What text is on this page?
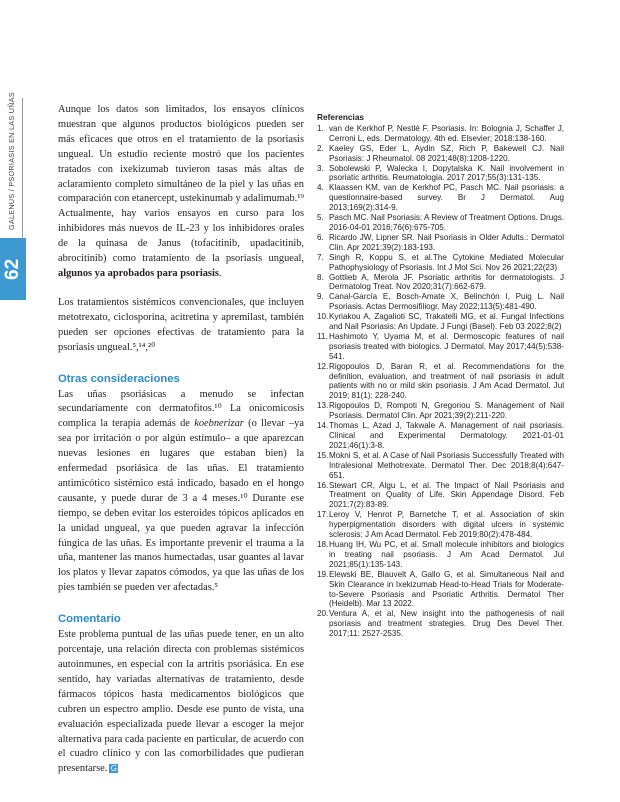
GALENUS / PSORIASIS EN LAS UÑAS
62

Aunque los datos son limitados, los ensayos clínicos muestran que algunos productos biológicos pueden ser más eficaces que otros en el tratamiento de la psoriasis ungueal. Un estudio reciente mostró que los pacientes tratados con ixekizumab tuvieron tasas más altas de aclaramiento completo simultáneo de la piel y las uñas en comparación con etanercept, ustekinumab y adalimumab.¹⁹ Actualmente, hay varios ensayos en curso para los inhibidores más nuevos de IL-23 y los inhibidores orales de la quinasa de Janus (tofacitinib, upadacitinib, abrocitinib) como tratamiento de la psoriasis ungueal, algunos ya aprobados para psoriasis.

Los tratamientos sistémicos convencionales, que incluyen metotrexato, ciclosporina, acitretina y apremilast, también pueden ser opciones efectivas de tratamiento para la psoriasis ungueal.⁵,¹⁴,²⁰

Otras consideraciones

Las uñas psoriásicas a menudo se infectan secundariamente con dermatofitos.¹⁰ La onicomicosis complica la terapia además de koebnerizar (o llevar –ya sea por irritación o por algún estímulo– a que aparezcan nuevas lesiones en lugares que estaban bien) la enfermedad psoriásica de las uñas. El tratamiento antimicótico sistémico está indicado, basado en el hongo causante, y puede durar de 3 a 4 meses.¹⁰ Durante ese tiempo, se deben evitar los esteroides tópicos aplicados en la unidad ungueal, ya que pueden agravar la infección fúngica de las uñas. Es importante prevenir el trauma a la uña, mantener las manos humectadas, usar guantes al lavar los platos y llevar zapatos cómodos, ya que las uñas de los pies también se pueden ver afectadas.⁵

Comentario

Este problema puntual de las uñas puede tener, en un alto porcentaje, una relación directa con problemas sistémicos autoinmunes, en especial con la artritis psoriásica. En ese sentido, hay variadas alternativas de tratamiento, desde fármacos tópicos hasta medicamentos biológicos que cubren un espectro amplio. Desde ese punto de vista, una evaluación especializada puede llevar a escoger la mejor alternativa para cada paciente en particular, de acuerdo con el cuadro clínico y con las comorbilidades que pudieran presentarse. G

Referencias
1. van de Kerkhof P, Nestlé F. Psoriasis. In: Bolognia J, Schaffer J, Cerroni L, eds. Dermatology. 4th ed. Elsevier; 2018:138-160.
2. Kaeley GS, Eder L, Aydin SZ, Rich P, Bakewell CJ. Nail Psoriasis: J Rheumatol. 08 2021;48(8):1208-1220.
3. Sobolewski P, Walecka I, Dopytalska K. Nail involvement in psoriatic arthritis. Reumatologia. 2017 2017;55(3):131-135.
4. Klaassen KM, van de Kerkhof PC, Pasch MC. Nail psoriasis: a questionnaire-based survey. Br J Dermatol. Aug 2013;169(2):314-9.
5. Pasch MC. Nail Psoriasis: A Review of Treatment Options. Drugs. 2016-04-01 2016;76(6):675-705.
6. Ricardo JW, Lipner SR. Nail Psoriasis in Older Adults.: Dermatol Clin. Apr 2021;39(2):183-193.
7. Singh R, Koppu S, et al.The Cytokine Mediated Molecular Pathophysiology of Psoriasis. Int J Mol Sci. Nov 26 2021;22(23)
8. Gottlieb A, Merola JF. Psoriatic arthritis for dermatologists. J Dermatolog Treat. Nov 2020;31(7):662-679.
9. Canal-García E, Bosch-Amate X, Belinchón I, Puig L. Nail Psoriasis. Actas Dermosifiliogr. May 2022;113(5):481-490.
10. Kyriakou A, Zagalioti SC, Trakatelli MG, et al. Fungal Infections and Nail Psoriasis: An Update. J Fungi (Basel). Feb 03 2022;8(2)
11. Hashimoto Y, Uyama M, et al. Dermoscopic features of nail psoriasis treated with biologics. J Dermatol. May 2017;44(5):538-541.
12. Rigopoulos D, Baran R, et al. Recommendations for the definition, evaluation, and treatment of nail psoriasis in adult patients with no or mild skin psoriasis. J Am Acad Dermatol. Jul 2019; 81(1): 228-240.
13. Rigopoulos D, Rompoti N, Gregoriou S. Management of Nail Psoriasis. Dermatol Clin. Apr 2021;39(2):211-220.
14. Thomas L, Azad J, Takwale A. Management of nail psoriasis. Clinical and Experimental Dermatology. 2021-01-01 2021;46(1):3-8.
15. Mokni S, et al. A Case of Nail Psoriasis Successfully Treated with Intralesional Methotrexate. Dermatol Ther. Dec 2018;8(4):647-651.
16. Stewart CR, Algu L, et al. The Impact of Nail Psoriasis and Treatment on Quality of Life. Skin Appendage Disord. Feb 2021;7(2):83-89.
17. Leroy V, Henrot P, Barnetche T, et al. Association of skin hyperpigmentation disorders with digital ulcers in systemic sclerosis: J Am Acad Dermatol. Feb 2019;80(2):478-484.
18. Huang IH, Wu PC, et al. Small molecule inhibitors and biologics in treating nail psoriasis. J Am Acad Dermatol. Jul 2021;85(1):135-143.
19. Elewski BE, Blauvelt A, Gallo G, et al. Simultaneous Nail and Skin Clearance in Ixekizumab Head-to-Head Trials for Moderate-to-Severe Psoriasis and Psoriatic Arthritis. Dermatol Ther (Heidelb). Mar 13 2022.
20. Ventura A, et al, New insight into the pathogenesis of nail psoriasis and treatment strategies. Drug Des Devel Ther. 2017;11: 2527-2535.
